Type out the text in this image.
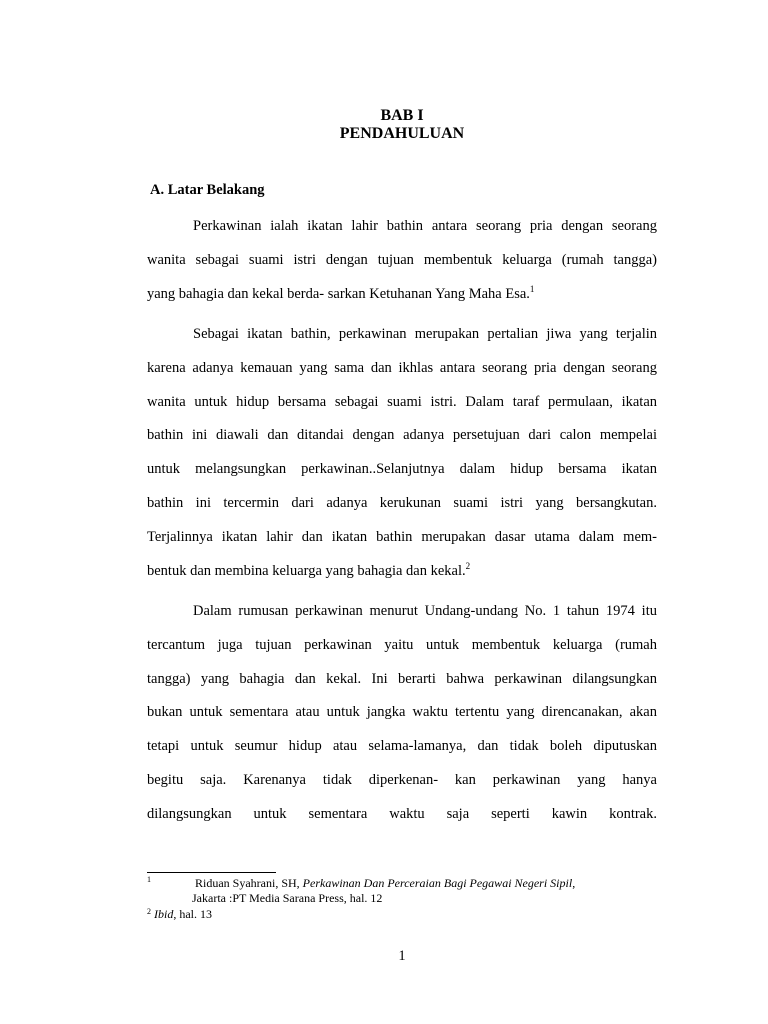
BAB I
PENDAHULUAN
A. Latar Belakang
Perkawinan ialah ikatan lahir bathin antara seorang pria dengan seorang
wanita sebagai suami istri dengan tujuan membentuk keluarga (rumah tangga)
yang bahagia dan kekal berda- sarkan Ketuhanan Yang Maha Esa.$^1$
Sebagai ikatan bathin, perkawinan merupakan pertalian jiwa yang terjalin
karena adanya kemauan yang sama dan ikhlas antara seorang pria dengan seorang
wanita untuk hidup bersama sebagai suami istri. Dalam taraf permulaan, ikatan
bathin ini diawali dan ditandai dengan adanya persetujuan dari calon mempelai
untuk melangsungkan perkawinan..Selanjutnya dalam hidup bersama ikatan
bathin ini tercermin dari adanya kerukunan suami istri yang bersangkutan.
Terjalinnya ikatan lahir dan ikatan bathin merupakan dasar utama dalam mem-
bentuk dan membina keluarga yang bahagia dan kekal.$^2$
Dalam rumusan perkawinan menurut Undang-undang No. 1 tahun 1974 itu
tercantum juga tujuan perkawinan yaitu untuk membentuk keluarga (rumah
tangga) yang bahagia dan kekal. Ini berarti bahwa perkawinan dilangsungkan
bukan untuk sementara atau untuk jangka waktu tertentu yang direncanakan, akan
tetapi untuk seumur hidup atau selama-lamanya, dan tidak boleh diputuskan
begitu saja. Karenanya tidak diperkenan- kan perkawinan yang hanya
dilangsungkan untuk sementara waktu saja seperti kawin kontrak.
1	Riduan Syahrani, SH, Perkawinan Dan Perceraian Bagi Pegawai Negeri Sipil,
Jakarta :PT Media Sarana Press, hal. 12
$^2$ Ibid, hal. 13
1
